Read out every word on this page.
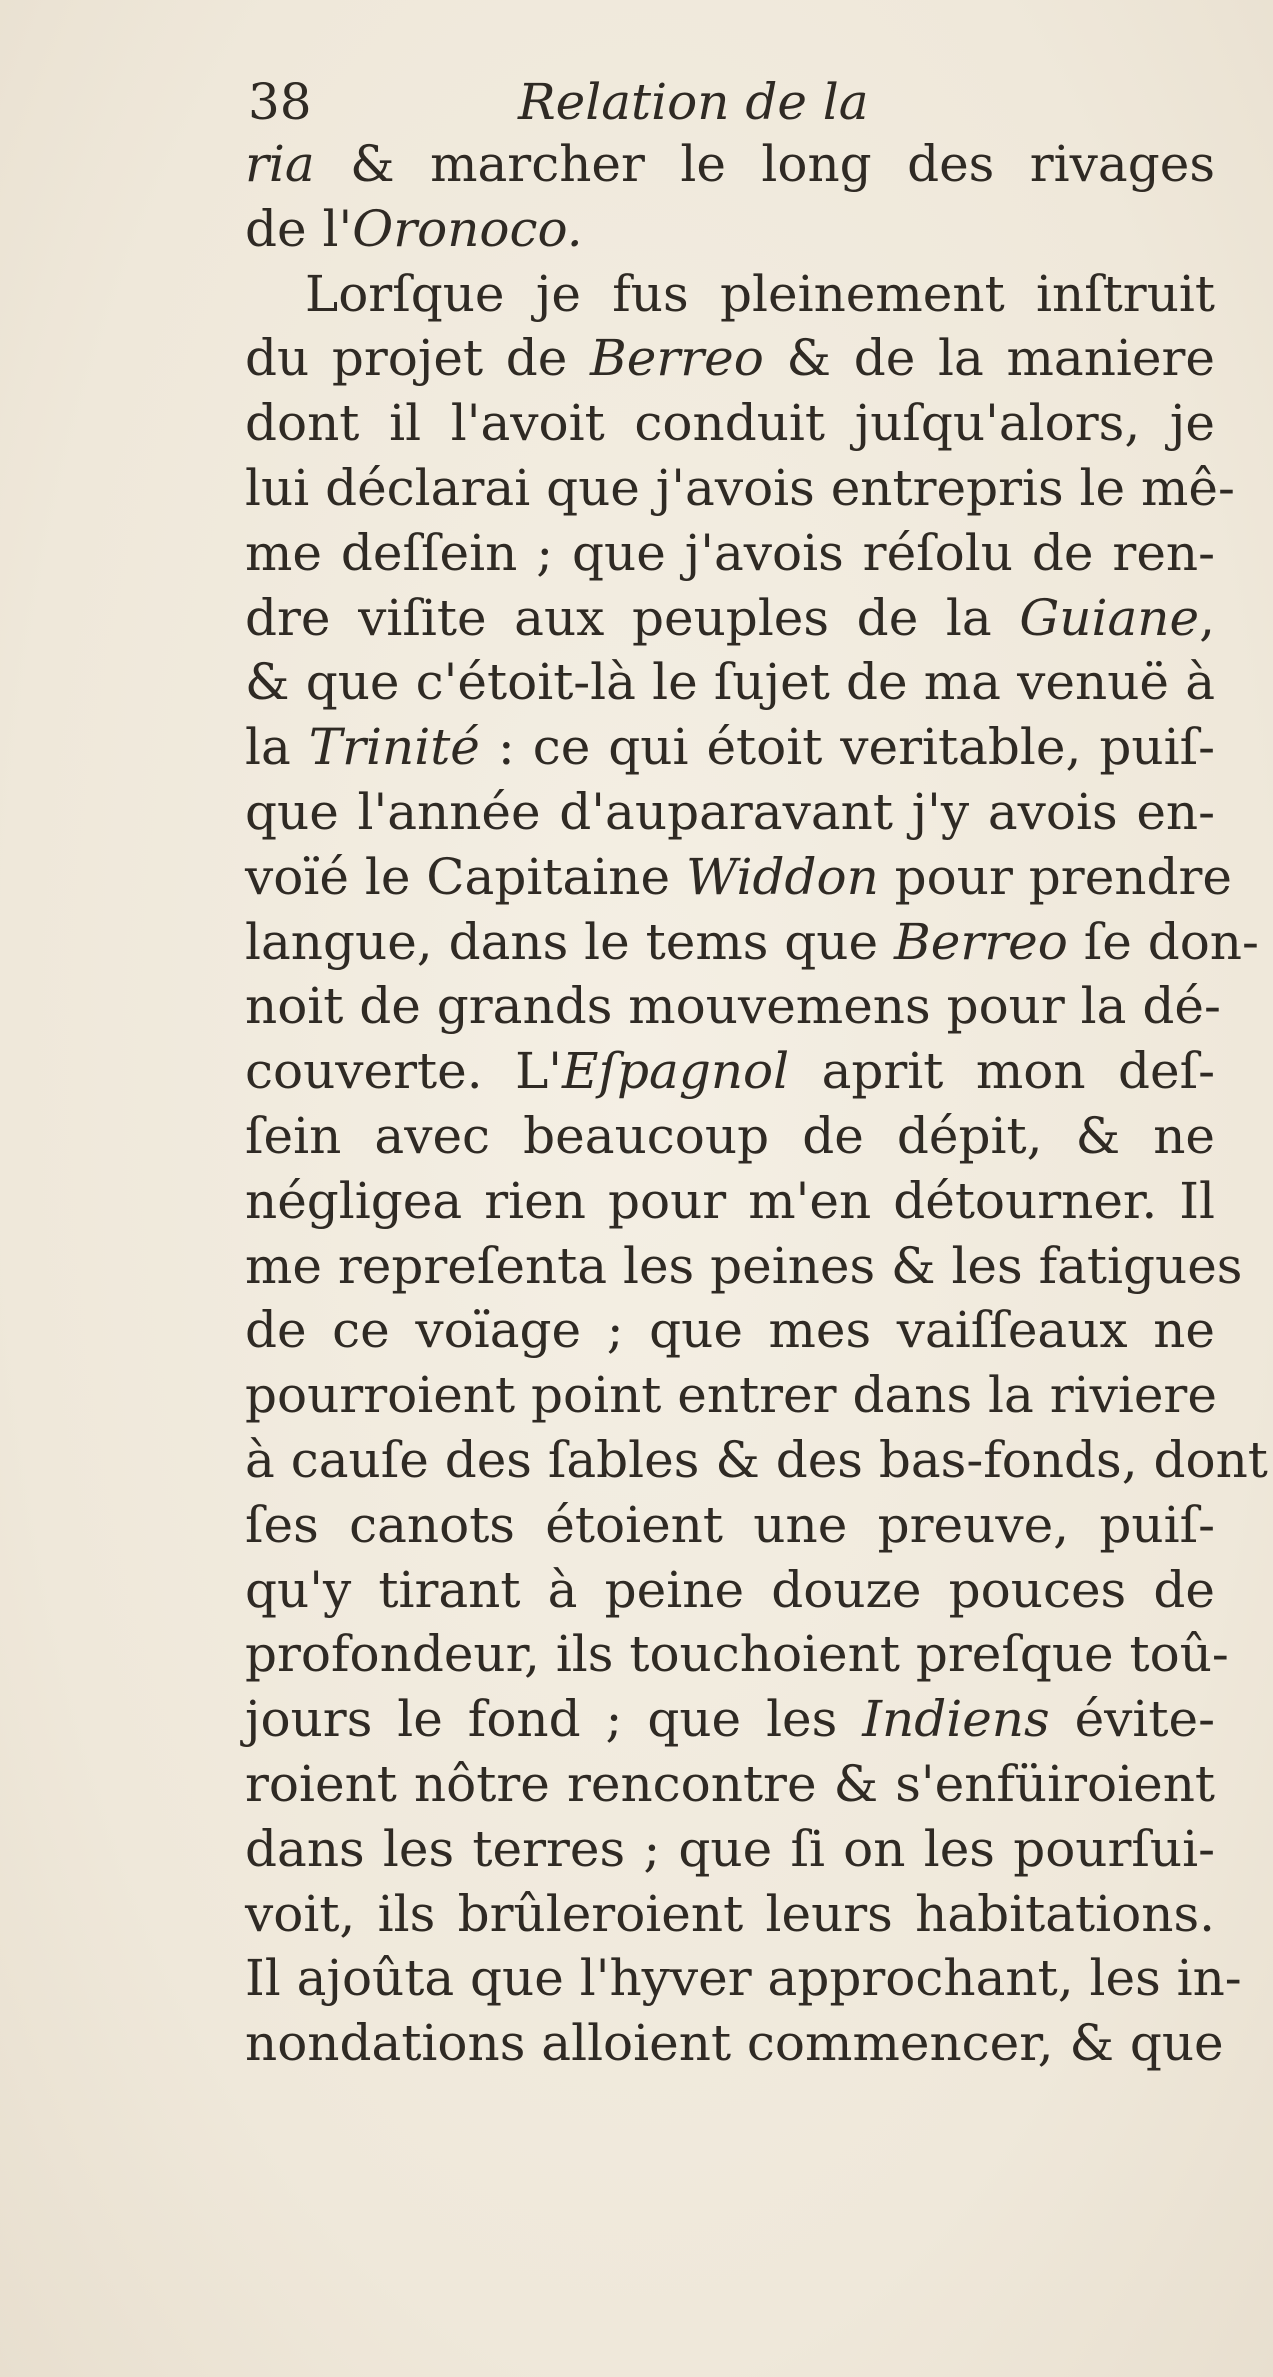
38	Relation de la
ria & marcher le long des rivages
de l'Oronoco.
Lorſque je fus pleinement inſtruit
du projet de Berreo & de la maniere
dont il l'avoit conduit juſqu'alors, je
lui déclarai que j'avois entrepris le mê-
me deſſein ; que j'avois réſolu de ren-
dre viſite aux peuples de la Guiane,
& que c'étoit-là le ſujet de ma venuë à
la Trinité : ce qui étoit veritable, puiſ-
que l'année d'auparavant j'y avois en-
voïé le Capitaine Widdon pour prendre
langue, dans le tems que Berreo ſe don-
noit de grands mouvemens pour la dé-
couverte. L'Eſpagnol aprit mon deſ-
ſein avec beaucoup de dépit, & ne
négligea rien pour m'en détourner. Il
me repreſenta les peines & les fatigues
de ce voïage ; que mes vaiſſeaux ne
pourroient point entrer dans la riviere
à cauſe des ſables & des bas-fonds, dont
ſes canots étoient une preuve, puiſ-
qu'y tirant à peine douze pouces de
profondeur, ils touchoient preſque toû-
jours le fond ; que les Indiens évite-
roient nôtre rencontre & s'enfüiroient
dans les terres ; que ſi on les pourſui-
voit, ils brûleroient leurs habitations.
Il ajoûta que l'hyver approchant, les in-
nondations alloient commencer, & que
